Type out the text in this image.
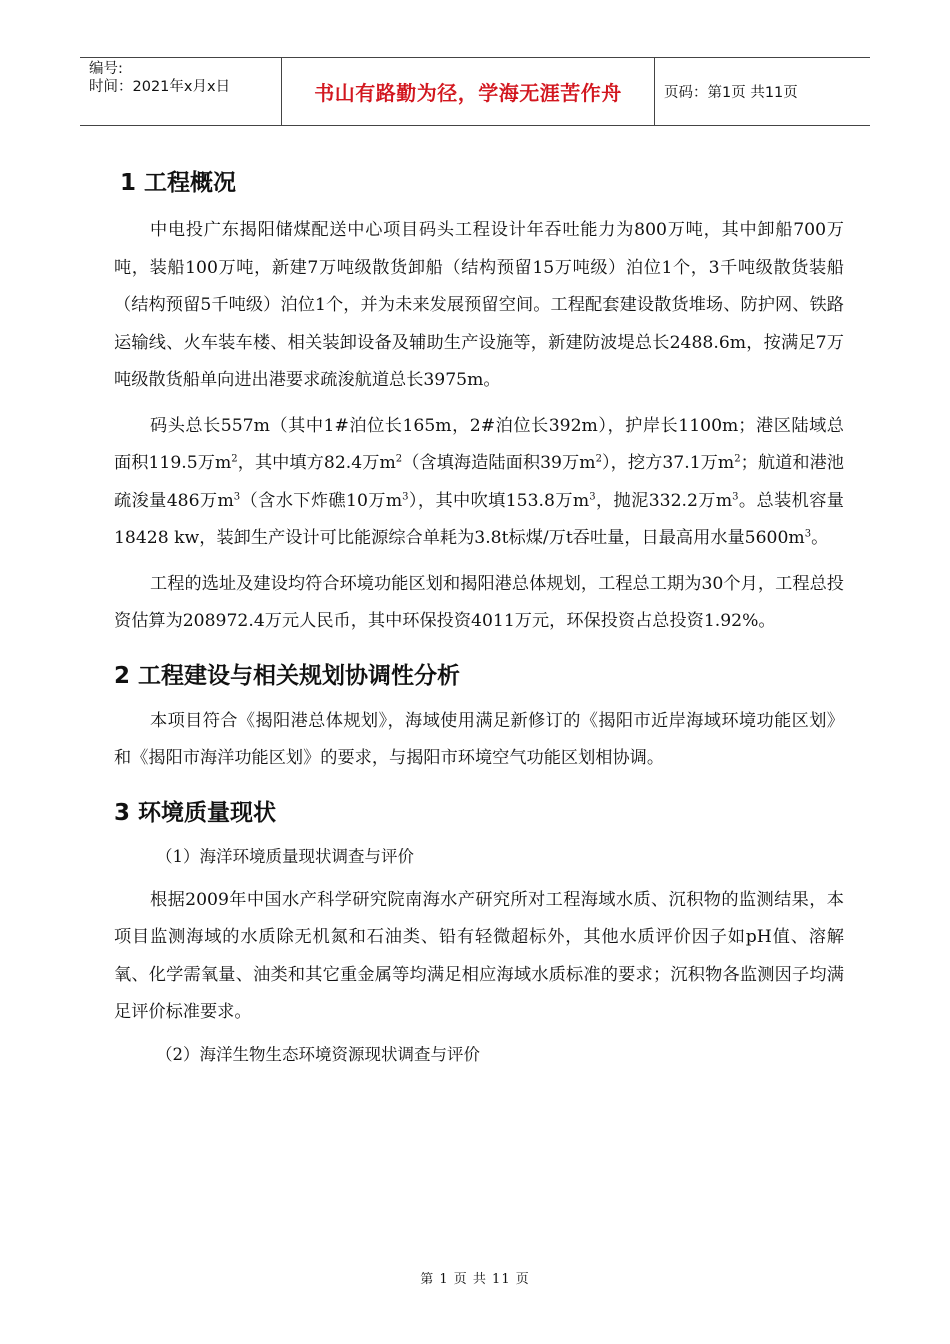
编号:
时间：2021年x月x日	书山有路勤为径，学海无涯苦作舟	页码：第1页 共11页
1 工程概况

中电投广东揭阳储煤配送中心项目码头工程设计年吞吐能力为800万吨，其中卸船700万吨，装船100万吨，新建7万吨级散货卸船（结构预留15万吨级）泊位1个，3千吨级散货装船（结构预留5千吨级）泊位1个，并为未来发展预留空间。工程配套建设散货堆场、防护网、铁路运输线、火车装车楼、相关装卸设备及辅助生产设施等，新建防波堤总长2488.6m，按满足7万吨级散货船单向进出港要求疏浚航道总长3975m。

码头总长557m（其中1#泊位长165m，2#泊位长392m），护岸长1100m；港区陆域总面积119.5万$m^2$，其中填方82.4万$m^2$（含填海造陆面积39万$m^2$），挖方37.1万$m^2$；航道和港池疏浚量486万$m^3$（含水下炸礁10万$m^3$），其中吹填153.8万$m^3$，抛泥332.2万$m^3$。总装机容量18428 kw，装卸生产设计可比能源综合单耗为3.8t标煤/万t吞吐量，日最高用水量$5600m^3$。

工程的选址及建设均符合环境功能区划和揭阳港总体规划，工程总工期为30个月，工程总投资估算为208972.4万元人民币，其中环保投资4011万元，环保投资占总投资1.92%。

2 工程建设与相关规划协调性分析

本项目符合《揭阳港总体规划》，海域使用满足新修订的《揭阳市近岸海域环境功能区划》和《揭阳市海洋功能区划》的要求，与揭阳市环境空气功能区划相协调。

3 环境质量现状
（1）海洋环境质量现状调查与评价

根据2009年中国水产科学研究院南海水产研究所对工程海域水质、沉积物的监测结果，本项目监测海域的水质除无机氮和石油类、铅有轻微超标外，其他水质评价因子如pH值、溶解氧、化学需氧量、油类和其它重金属等均满足相应海域水质标准的要求；沉积物各监测因子均满足评价标准要求。

（2）海洋生物生态环境资源现状调查与评价
第 1 页 共 11 页
